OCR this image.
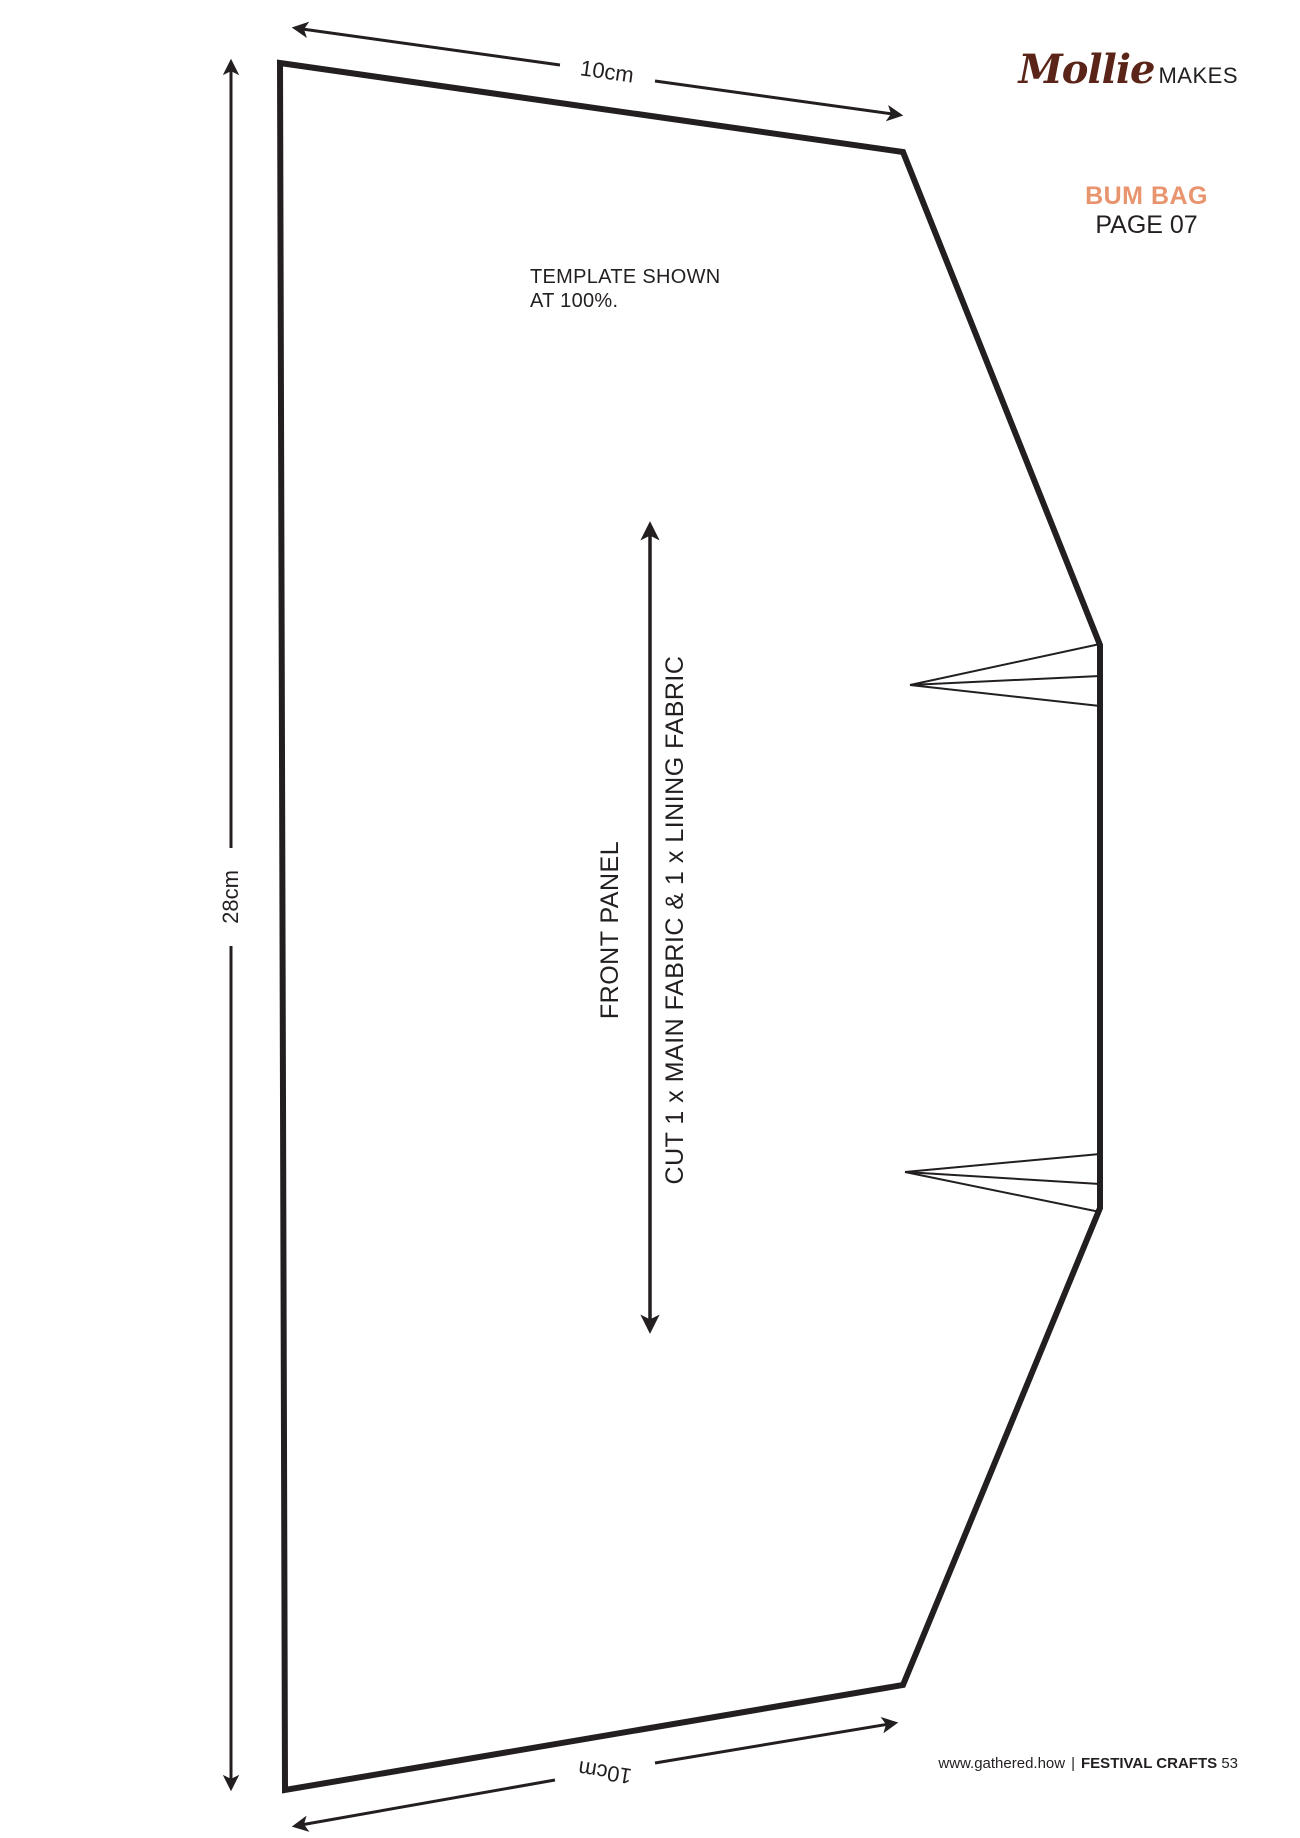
10cm
10cm
28cm	FRONT PANEL CUT 1 x MAIN FABRIC & 1 x LINING FABRIC
Mollie MAKES
BUM BAG
PAGE 07
TEMPLATE SHOWN
AT 100%.
www.gathered.how | FESTIVAL CRAFTS 53
